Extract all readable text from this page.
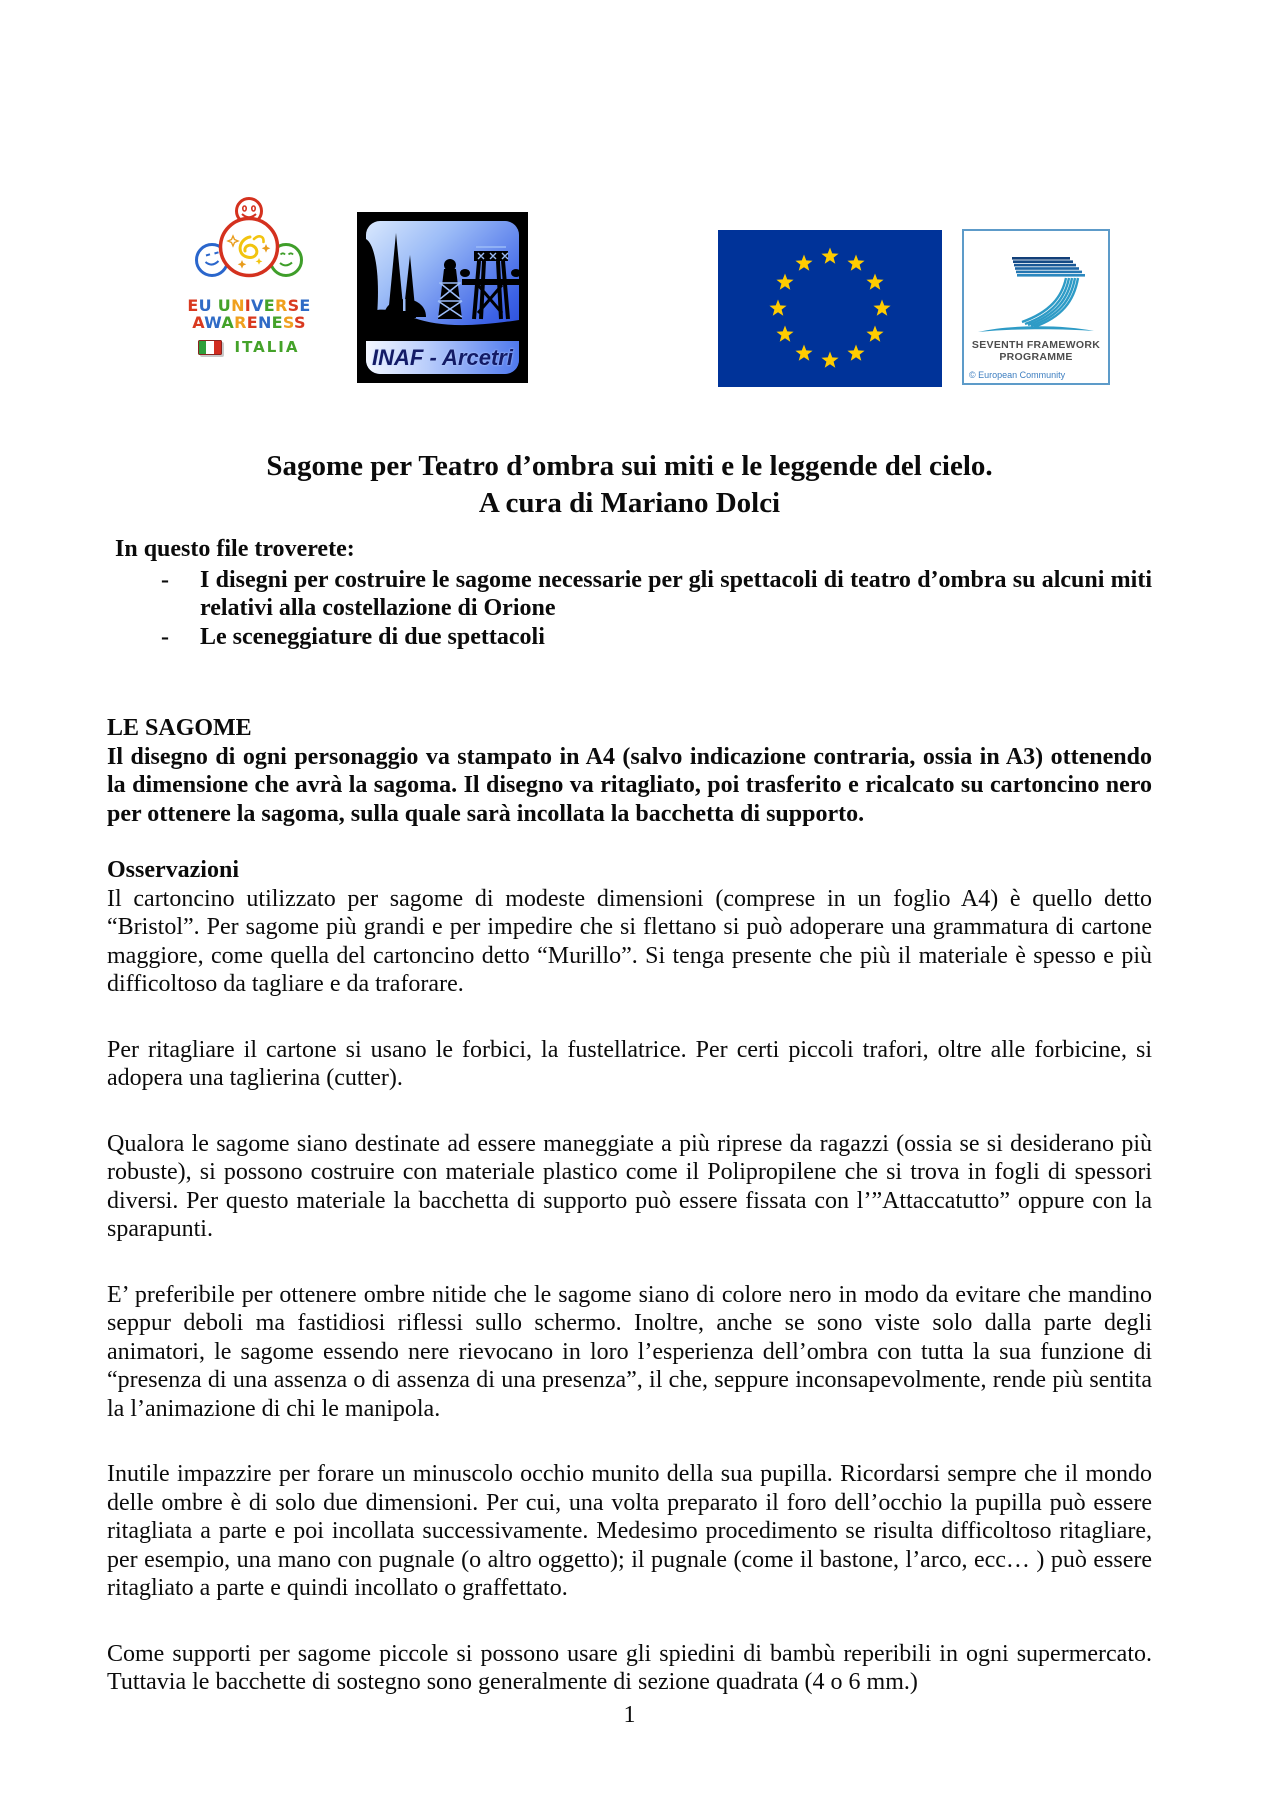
EU UNIVERSE
AWARENESS
ITALIA	INAF - Arcetri	SEVENTH FRAMEWORK
PROGRAMME
© European Community
Sagome per Teatro d’ombra sui miti e le leggende del cielo.
A cura di Mariano Dolci
In questo file troverete:
- I disegni per costruire le sagome necessarie per gli spettacoli di teatro d’ombra su alcuni miti relativi alla costellazione di Orione
- Le sceneggiature di due spettacoli
LE SAGOME
Il disegno di ogni personaggio va stampato in A4 (salvo indicazione contraria, ossia in A3) ottenendo la dimensione che avrà la sagoma. Il disegno va ritagliato, poi trasferito e ricalcato su cartoncino nero per ottenere la sagoma, sulla quale sarà incollata la bacchetta di supporto.
Osservazioni
Il cartoncino utilizzato per sagome di modeste dimensioni (comprese in un foglio A4) è quello detto “Bristol”. Per sagome più grandi e per impedire che si flettano si può adoperare una grammatura di cartone maggiore, come quella del cartoncino detto “Murillo”. Si tenga presente che più il materiale è spesso e più difficoltoso da tagliare e da traforare.
Per ritagliare il cartone si usano le forbici, la fustellatrice. Per certi piccoli trafori, oltre alle forbicine, si adopera una taglierina (cutter).
Qualora le sagome siano destinate ad essere maneggiate a più riprese da ragazzi (ossia se si desiderano più robuste), si possono costruire con materiale plastico come il Polipropilene che si trova in fogli di spessori diversi. Per questo materiale la bacchetta di supporto può essere fissata con l’”Attaccatutto” oppure con la sparapunti.
E’ preferibile per ottenere ombre nitide che le sagome siano di colore nero in modo da evitare che mandino seppur deboli ma fastidiosi riflessi sullo schermo. Inoltre, anche se sono viste solo dalla parte degli animatori, le sagome essendo nere rievocano in loro l’esperienza dell’ombra con tutta la sua funzione di “presenza di una assenza o di assenza di una presenza”, il che, seppure inconsapevolmente, rende più sentita la l’animazione di chi le manipola.
Inutile impazzire per forare un minuscolo occhio munito della sua pupilla. Ricordarsi sempre che il mondo delle ombre è di solo due dimensioni. Per cui, una volta preparato il foro dell’occhio la pupilla può essere ritagliata a parte e poi incollata successivamente. Medesimo procedimento se risulta difficoltoso ritagliare, per esempio, una mano con pugnale (o altro oggetto); il pugnale (come il bastone, l’arco, ecc… ) può essere ritagliato a parte e quindi incollato o graffettato.
Come supporti per sagome piccole si possono usare gli spiedini di bambù reperibili in ogni supermercato. Tuttavia le bacchette di sostegno sono generalmente di sezione quadrata (4 o 6 mm.)
1
